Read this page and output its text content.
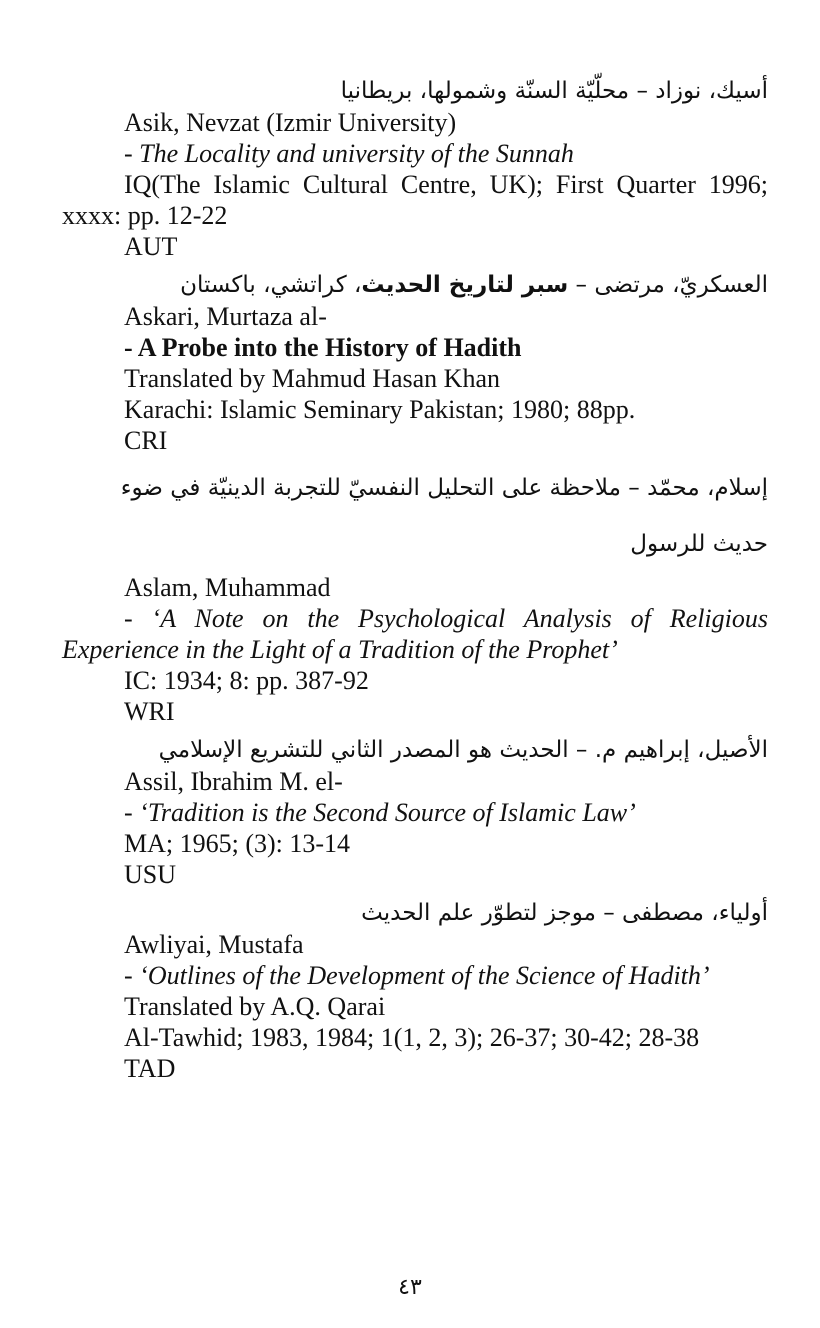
أسيك، نوزاد – محلّيّة السنّة وشمولها، بريطانيا
Asik, Nevzat (Izmir University)
- The Locality and university of the Sunnah
IQ(The Islamic Cultural Centre, UK); First Quarter 1996; xxxx: pp. 12-22
AUT
العسكريّ، مرتضى – سبر لتاريخ الحديث، كراتشي، باكستان
Askari, Murtaza al-
- A Probe into the History of Hadith
Translated by Mahmud Hasan Khan
Karachi: Islamic Seminary Pakistan; 1980; 88pp.
CRI
إسلام، محمّد – ملاحظة على التحليل النفسيّ للتجربة الدينيّة في ضوء حديث للرسول
Aslam, Muhammad
- ‘A Note on the Psychological Analysis of Religious Experience in the Light of a Tradition of the Prophet’
IC: 1934; 8: pp. 387-92
WRI
الأصيل، إبراهيم م. – الحديث هو المصدر الثاني للتشريع الإسلامي
Assil, Ibrahim M. el-
- ‘Tradition is the Second Source of Islamic Law’
MA; 1965; (3): 13-14
USU
أولياء، مصطفى – موجز لتطوّر علم الحديث
Awliyai, Mustafa
- ‘Outlines of the Development of the Science of Hadith’
Translated by A.Q. Qarai
Al-Tawhid; 1983, 1984; 1(1, 2, 3); 26-37; 30-42; 28-38
TAD
٤٣
